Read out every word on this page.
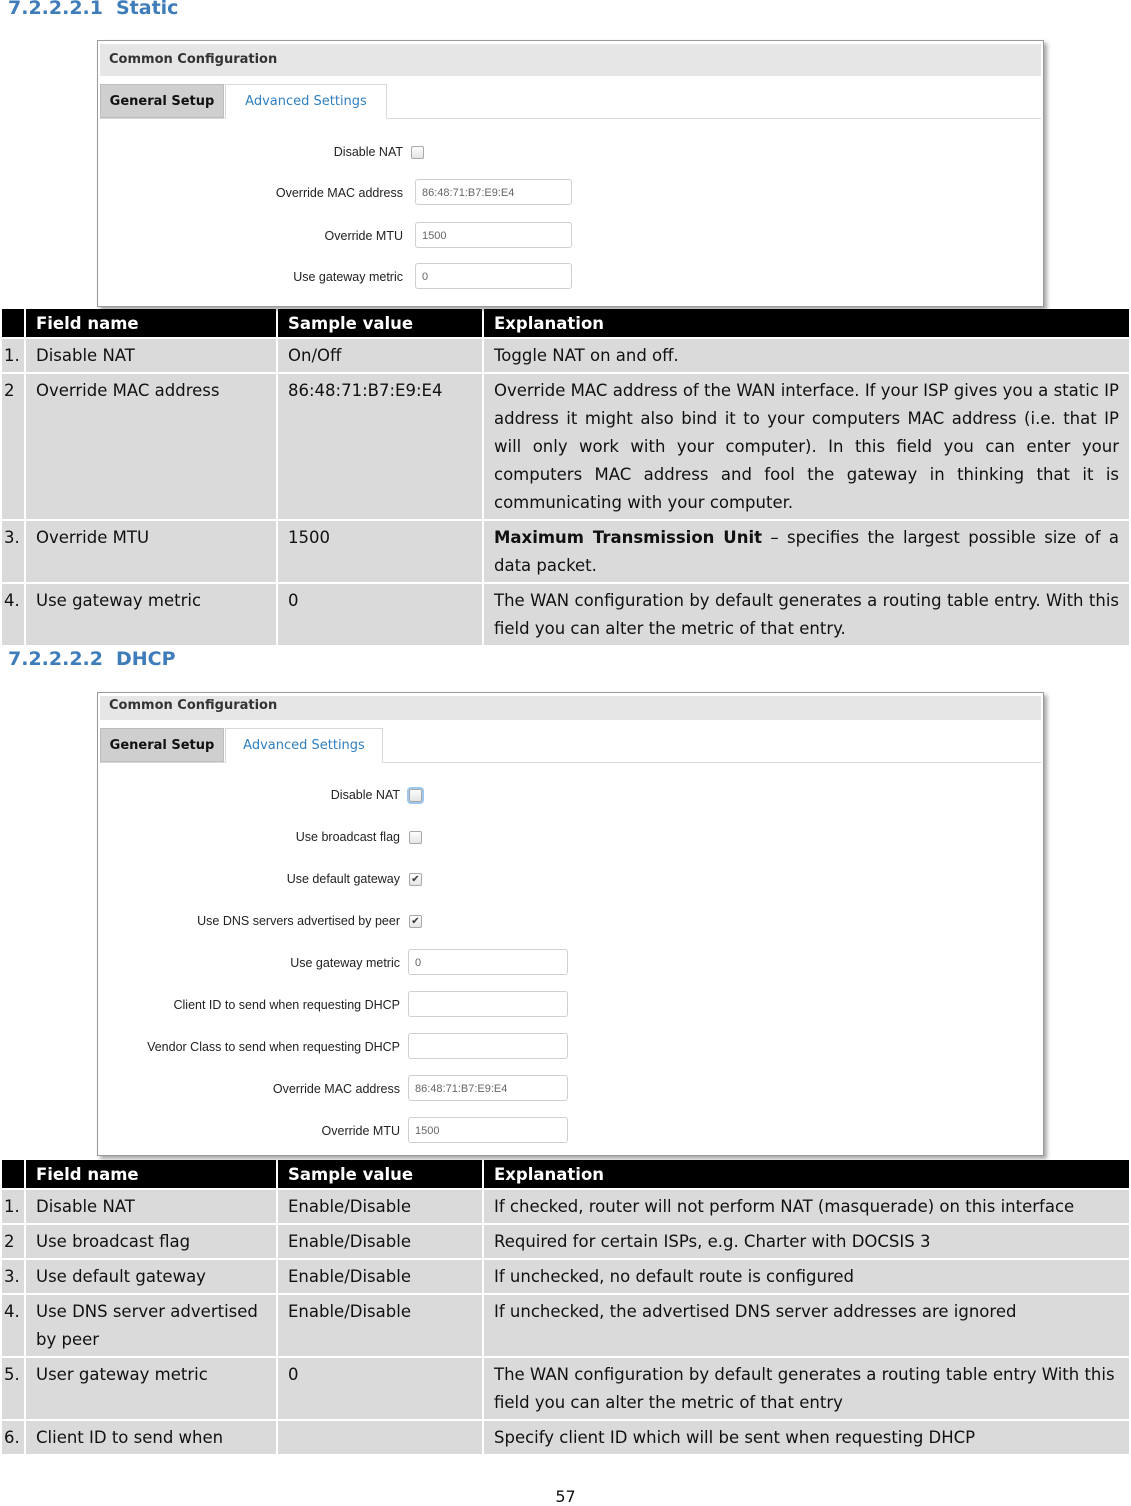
7.2.2.2.1 Static
Common Configuration
General Setup	Advanced Settings
Disable NAT
Override MAC address	86:48:71:B7:E9:E4
Override MTU	1500
Use gateway metric	0
	Field name	Sample value	Explanation
1.	Disable NAT	On/Off	Toggle NAT on and off.
2	Override MAC address	86:48:71:B7:E9:E4	Override MAC address of the WAN interface. If your ISP gives you a static IP address it might also bind it to your computers MAC address (i.e. that IP will only work with your computer). In this field you can enter your computers MAC address and fool the gateway in thinking that it is communicating with your computer.
3.	Override MTU	1500	Maximum Transmission Unit – specifies the largest possible size of a data packet.
4.	Use gateway metric	0	The WAN configuration by default generates a routing table entry. With this field you can alter the metric of that entry.
7.2.2.2.2 DHCP
Common Configuration
General Setup	Advanced Settings
Disable NAT
Use broadcast flag
Use default gateway ✔
Use DNS servers advertised by peer ✔
Use gateway metric	0
Client ID to send when requesting DHCP
Vendor Class to send when requesting DHCP
Override MAC address	86:48:71:B7:E9:E4
Override MTU	1500
	Field name	Sample value	Explanation
1.	Disable NAT	Enable/Disable	If checked, router will not perform NAT (masquerade) on this interface
2	Use broadcast flag	Enable/Disable	Required for certain ISPs, e.g. Charter with DOCSIS 3
3.	Use default gateway	Enable/Disable	If unchecked, no default route is configured
4.	Use DNS server advertised by peer	Enable/Disable	If unchecked, the advertised DNS server addresses are ignored
5.	User gateway metric	0	The WAN configuration by default generates a routing table entry With this field you can alter the metric of that entry
6.	Client ID to send when		Specify client ID which will be sent when requesting DHCP
57
